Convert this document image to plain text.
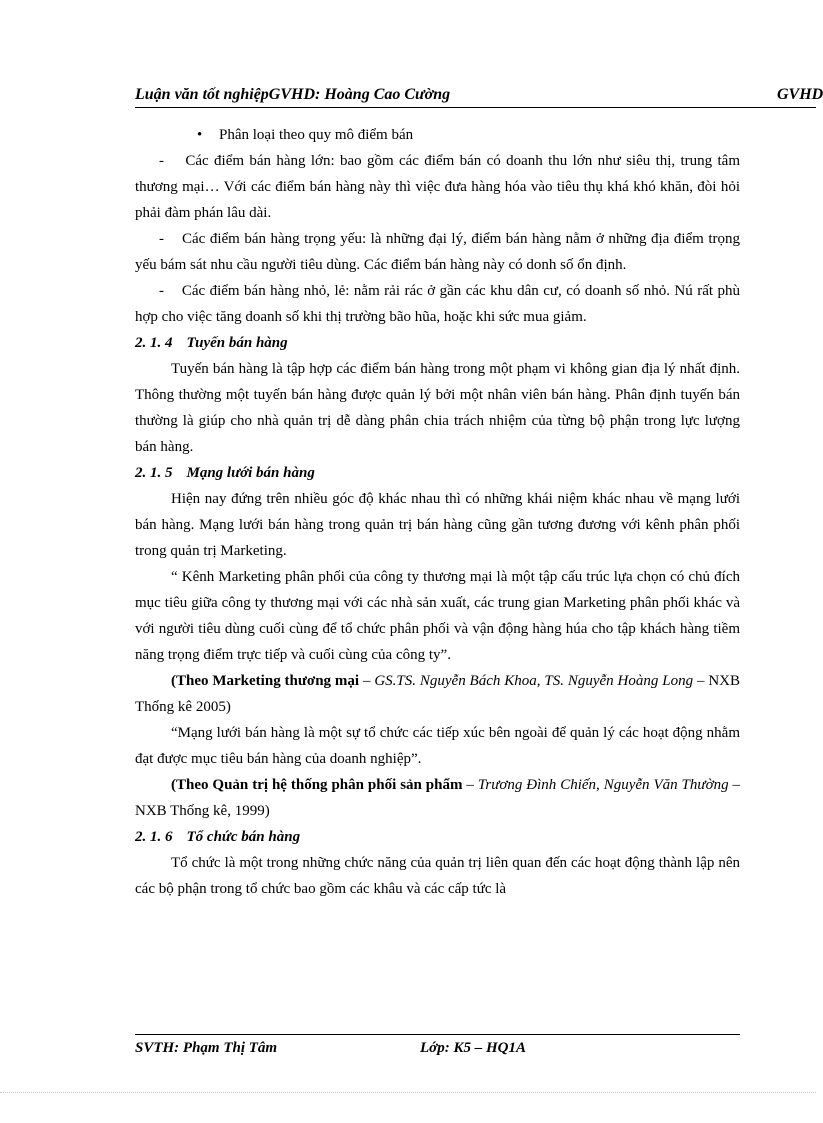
Luận văn tốt nghiệpGVHD: Hoàng Cao Cường	GVHD

• Phân loại theo quy mô điểm bán

-    Các điểm bán hàng lớn: bao gồm các điểm bán có doanh thu lớn như siêu thị, trung tâm thương mại… Với các điểm bán hàng này thì việc đưa hàng hóa vào tiêu thụ khá khó khăn, đòi hỏi phải đàm phán lâu dài.

-    Các điểm bán hàng trọng yếu: là những đại lý, điểm bán hàng nằm ở những địa điểm trọng yếu bám sát nhu cầu người tiêu dùng. Các điểm bán hàng này có donh số ổn định.

-    Các điểm bán hàng nhỏ, lẻ: nằm rải rác ở gần các khu dân cư, có doanh số nhỏ. Nú rất phù hợp cho việc tăng doanh số khi thị trường bão hũa, hoặc khi sức mua giảm.

2. 1. 4 Tuyến bán hàng

Tuyến bán hàng là tập hợp các điểm bán hàng trong một phạm vi không gian địa lý nhất định. Thông thường một tuyến bán hàng được quản lý bởi một nhân viên bán hàng. Phân định tuyến bán thường là giúp cho nhà quản trị dễ dàng phân chia trách nhiệm của từng bộ phận trong lực lượng bán hàng.

2. 1. 5 Mạng lưới bán hàng

Hiện nay đứng trên nhiều góc độ khác nhau thì có những khái niệm khác nhau về mạng lưới bán hàng. Mạng lưới bán hàng trong quản trị bán hàng cũng gần tương đương với kênh phân phối trong quản trị Marketing.

“ Kênh Marketing phân phối của công ty thương mại là một tập cấu trúc lựa chọn có chủ đích mục tiêu giữa công ty thương mại với các nhà sản xuất, các trung gian Marketing phân phối khác và với người tiêu dùng cuối cùng để tổ chức phân phối và vận động hàng húa cho tập khách hàng tiềm năng trọng điểm trực tiếp và cuối cùng của công ty”.

(Theo Marketing thương mại – GS.TS. Nguyễn Bách Khoa, TS. Nguyễn Hoàng Long – NXB Thống kê 2005)

“Mạng lưới bán hàng là một sự tổ chức các tiếp xúc bên ngoài để quản lý các hoạt động nhằm đạt được mục tiêu bán hàng của doanh nghiệp”.

(Theo Quản trị hệ thống phân phối sản phẩm – Trương Đình Chiến, Nguyễn Văn Thường – NXB Thống kê, 1999)

2. 1. 6 Tổ chức bán hàng

Tổ chức là một trong những chức năng của quản trị liên quan đến các hoạt động thành lập nên các bộ phận trong tổ chức bao gồm các khâu và các cấp tức là

SVTH: Phạm Thị Tâm	Lớp: K5 – HQ1A
